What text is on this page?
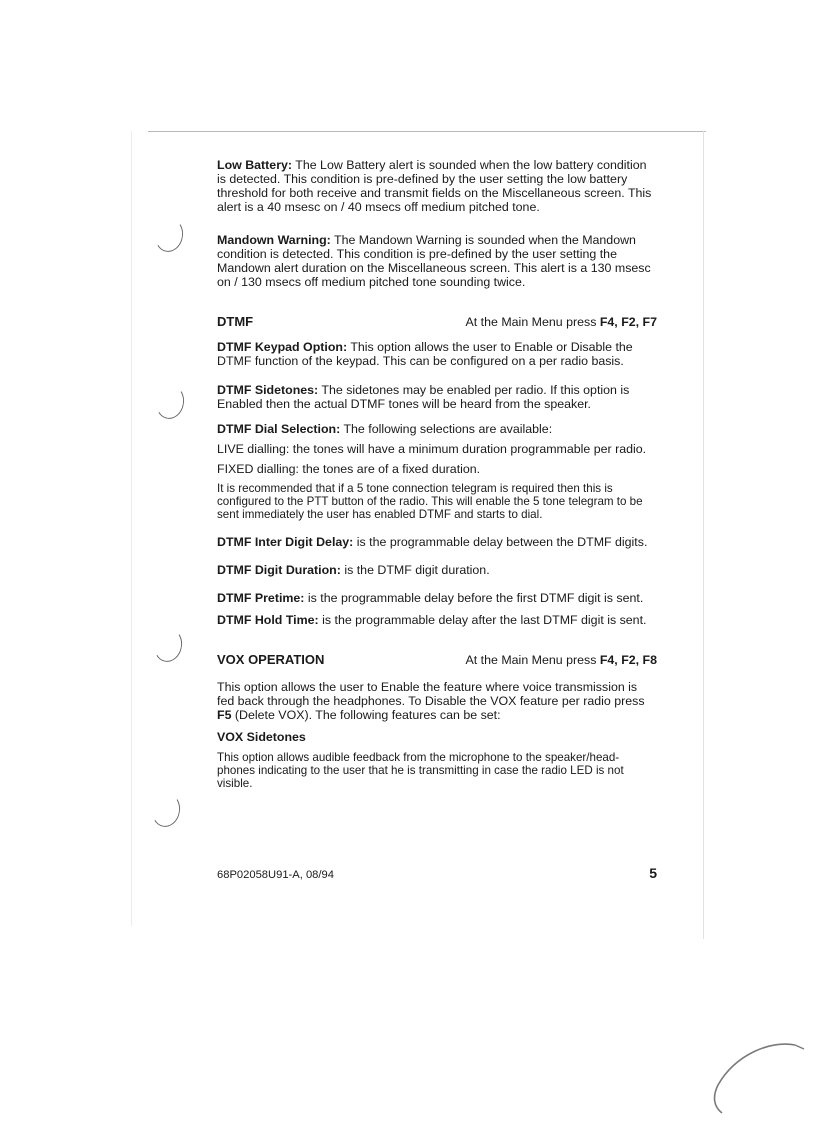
Low Battery: The Low Battery alert is sounded when the low battery condition is detected. This condition is pre-defined by the user setting the low battery threshold for both receive and transmit fields on the Miscellaneous screen. This alert is a 40 msesc on / 40 msecs off medium pitched tone.

Mandown Warning: The Mandown Warning is sounded when the Mandown condition is detected. This condition is pre-defined by the user setting the Mandown alert duration on the Miscellaneous screen. This alert is a 130 msesc on / 130 msecs off medium pitched tone sounding twice.

DTMF	At the Main Menu press F4, F2, F7

DTMF Keypad Option: This option allows the user to Enable or Disable the DTMF function of the keypad. This can be configured on a per radio basis.

DTMF Sidetones: The sidetones may be enabled per radio. If this option is Enabled then the actual DTMF tones will be heard from the speaker.

DTMF Dial Selection: The following selections are available:

LIVE dialling: the tones will have a minimum duration programmable per radio.

FIXED dialling: the tones are of a fixed duration.

It is recommended that if a 5 tone connection telegram is required then this is configured to the PTT button of the radio. This will enable the 5 tone telegram to be sent immediately the user has enabled DTMF and starts to dial.

DTMF Inter Digit Delay: is the programmable delay between the DTMF digits.

DTMF Digit Duration: is the DTMF digit duration.

DTMF Pretime: is the programmable delay before the first DTMF digit is sent.

DTMF Hold Time: is the programmable delay after the last DTMF digit is sent.

VOX OPERATION	At the Main Menu press F4, F2, F8

This option allows the user to Enable the feature where voice transmission is fed back through the headphones. To Disable the VOX feature per radio press F5 (Delete VOX). The following features can be set:

VOX Sidetones

This option allows audible feedback from the microphone to the speaker/head-phones indicating to the user that he is transmitting in case the radio LED is not visible.

68P02058U91-A, 08/94	5
